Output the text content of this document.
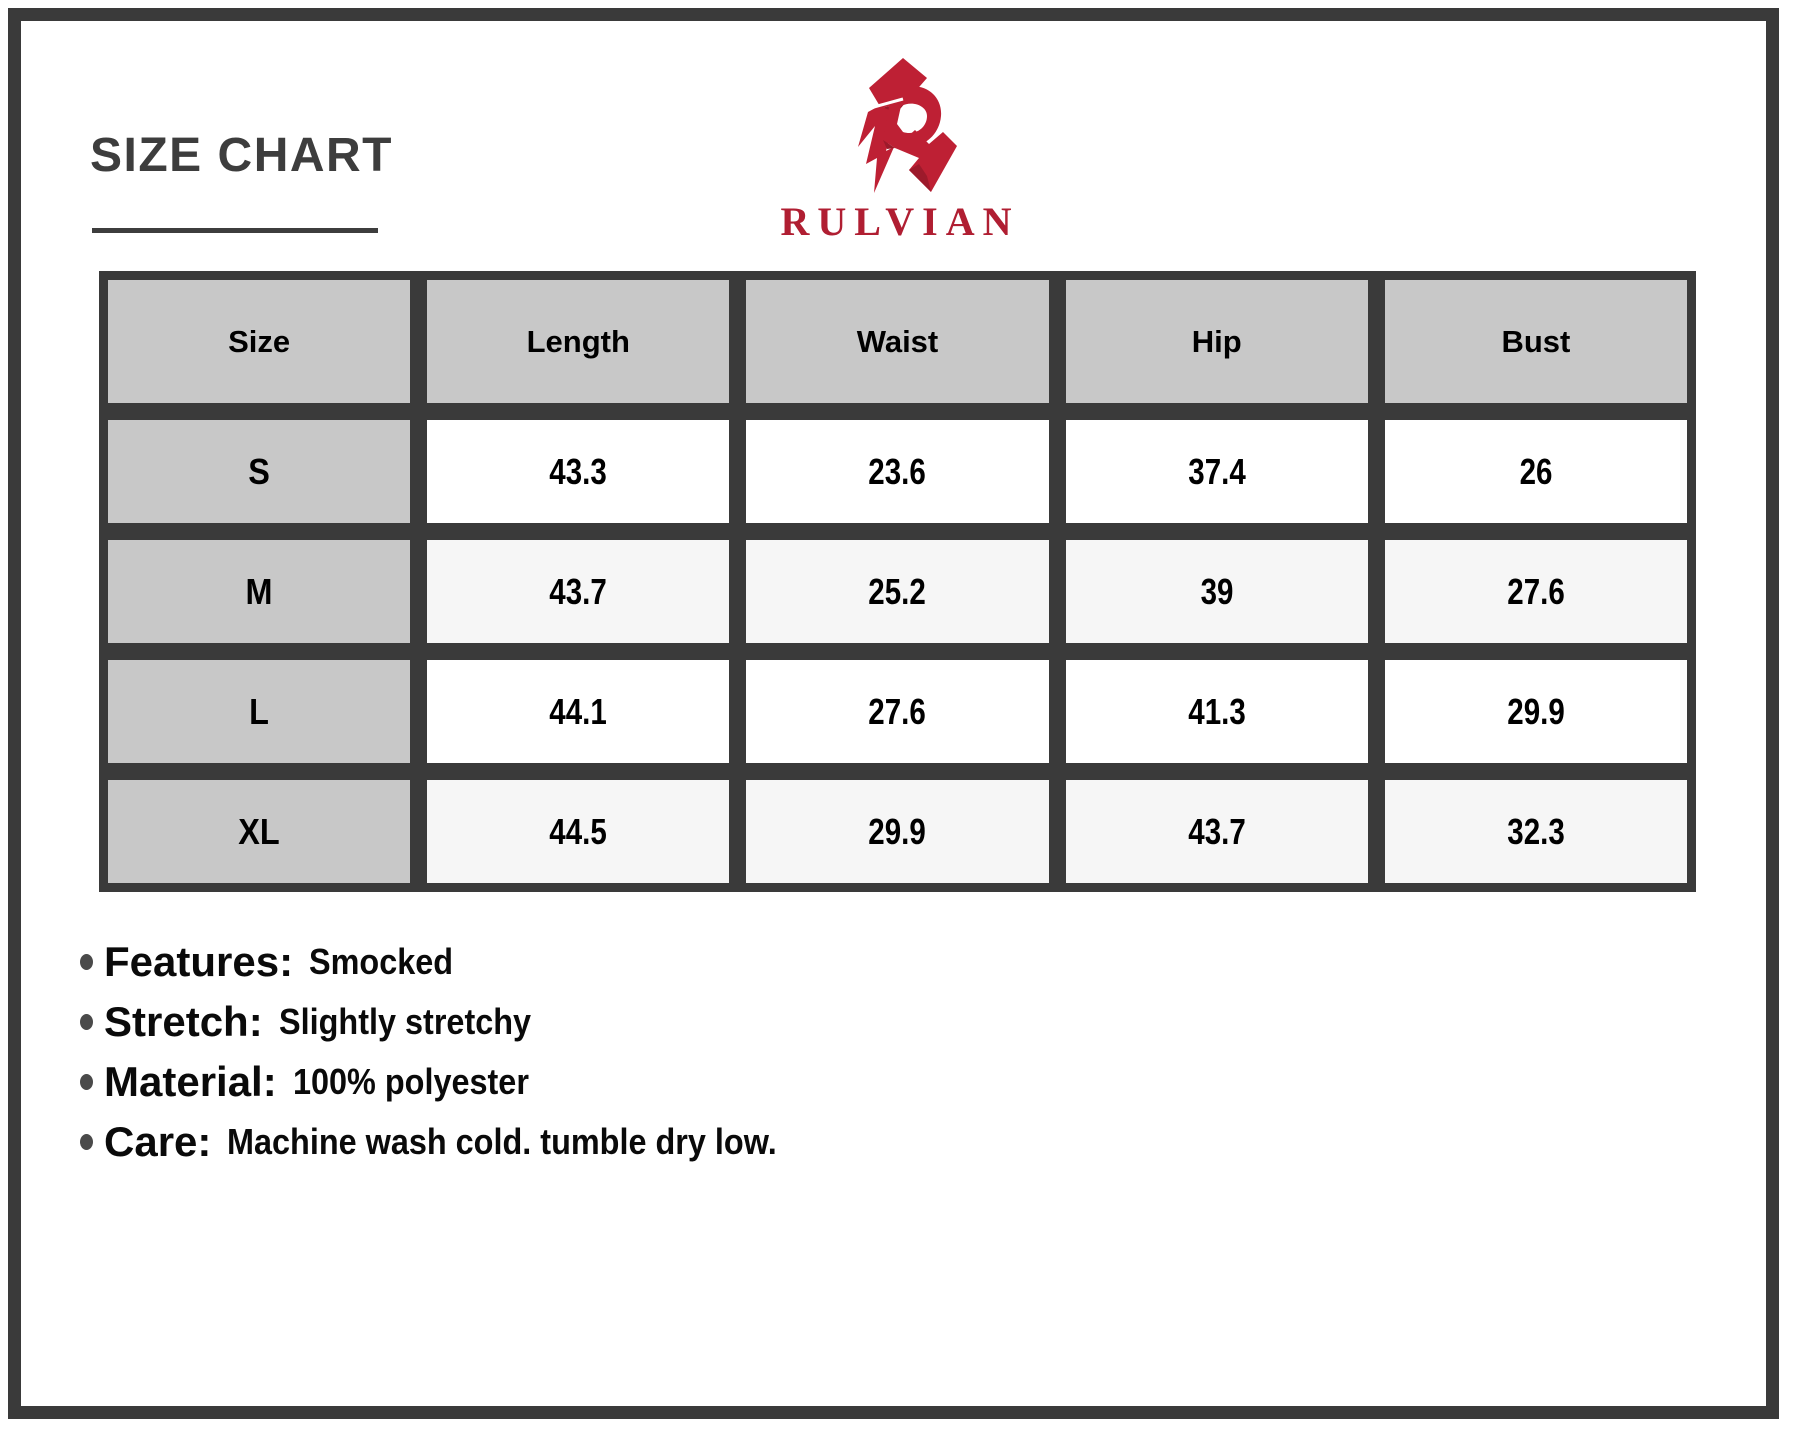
SIZE CHART
RULVIAN
Size	Length	Waist	Hip	Bust
S	43.3	23.6	37.4	26
M	43.7	25.2	39	27.6
L	44.1	27.6	41.3	29.9
XL	44.5	29.9	43.7	32.3
Features: Smocked
Stretch: Slightly stretchy
Material: 100% polyester
Care: Machine wash cold. tumble dry low.
